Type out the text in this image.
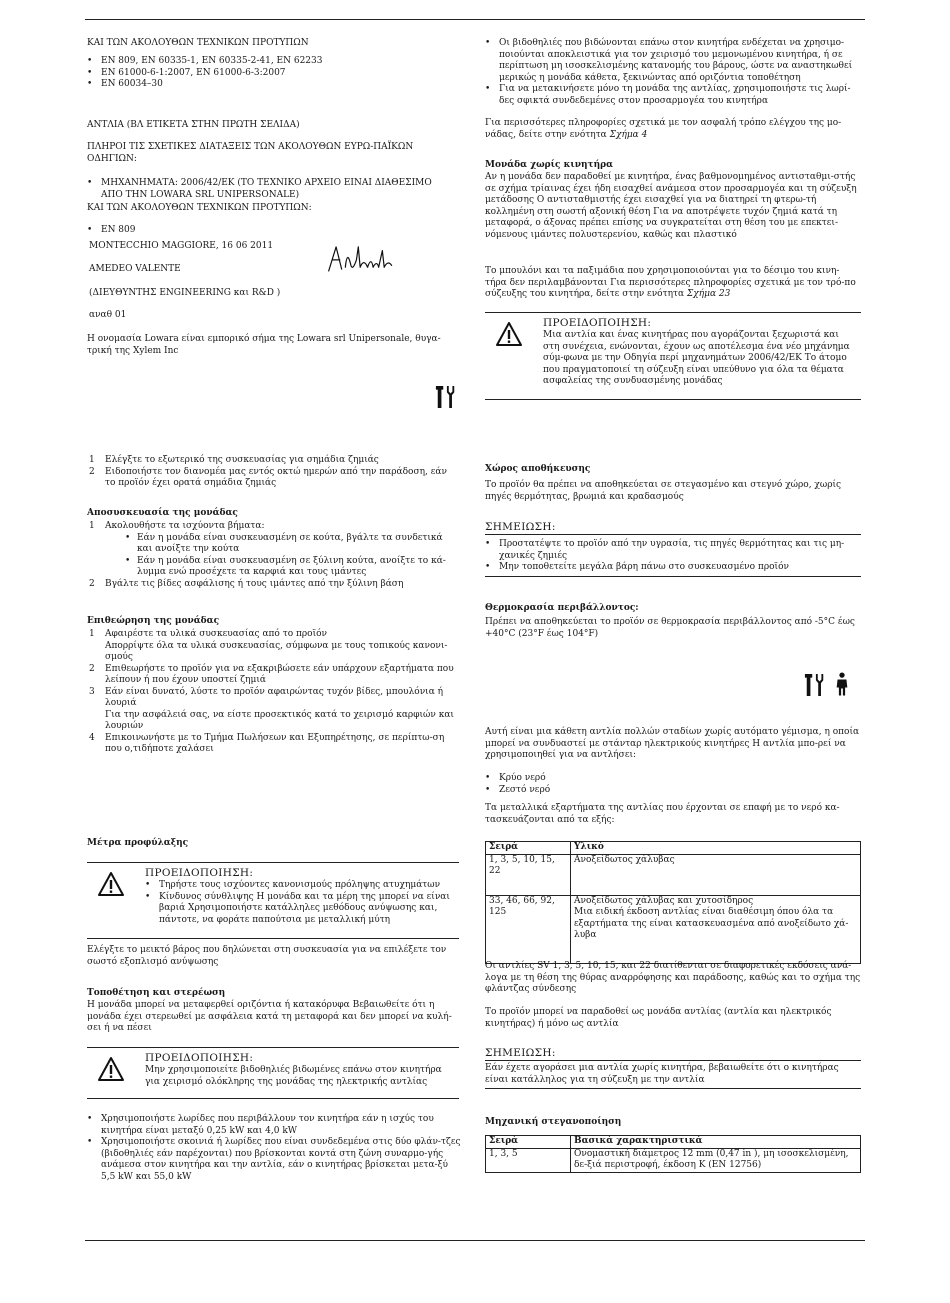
ΚΑΙ ΤΩΝ ΑΚΟΛΟΥΘΩΝ ΤΕΧΝΙΚΩΝ ΠΡΟΤΥΠΩΝ

• EN 809, EN 60335-1, EN 60335-2-41, EN 62233
• EN 61000-6-1:2007, EN 61000-6-3:2007
• EN 60034–30

ΑΝΤΛΙΑ (ΒΛ ΕΤΙΚΕΤΑ ΣΤΗΝ ΠΡΩΤΗ ΣΕΛΙΔΑ)

ΠΛΗΡΟΙ ΤΙΣ ΣΧΕΤΙΚΕΣ ΔΙΑΤΑΞΕΙΣ ΤΩΝ ΑΚΟΛΟΥΘΩΝ ΕΥΡΩ-ΠΑΪΚΩΝ ΟΔΗΓΙΩΝ:

• ΜΗΧΑΝΗΜΑΤΑ: 2006/42/ΕΚ (ΤΟ ΤΕΧΝΙΚΟ ΑΡΧΕΙΟ ΕΙΝΑΙ ΔΙΑΘΕΣΙΜΟ ΑΠΟ THN LOWARA SRL UNIPERSONALE)

ΚΑΙ ΤΩΝ ΑΚΟΛΟΥΘΩΝ ΤΕΧΝΙΚΩΝ ΠΡΟΤΥΠΩΝ:

• EN 809

MONTECCHIO MAGGIORE, 16 06 2011

AMEDEO VALENTE

(ΔΙΕΥΘΥΝΤΗΣ ENGINEERING και R&D )

αναθ 01

Η ονομασία Lowara είναι εμπορικό σήμα της Lowara srl Unipersonale, θυγα-τρική της Xylem Inc

1 Ελέγξτε το εξωτερικό της συσκευασίας για σημάδια ζημιάς
2 Ειδοποιήστε τον διανομέα μας εντός οκτώ ημερών από την παράδοση, εάν το προϊόν έχει ορατά σημάδια ζημιάς

Αποσυσκευασία της μονάδας

1 Ακολουθήστε τα ισχύοντα βήματα:
• Εάν η μονάδα είναι συσκευασμένη σε κούτα, βγάλτε τα συνδετικά και ανοίξτε την κούτα
• Εάν η μονάδα είναι συσκευασμένη σε ξύλινη κούτα, ανοίξτε το κά-λυμμα ενώ προσέχετε τα καρφιά και τους ιμάντες
2 Βγάλτε τις βίδες ασφάλισης ή τους ιμάντες από την ξύλινη βάση

Επιθεώρηση της μονάδας

1 Αφαιρέστε τα υλικά συσκευασίας από το προϊόν
Απορρίψτε όλα τα υλικά συσκευασίας, σύμφωνα με τους τοπικούς κανονι-σμούς
2 Επιθεωρήστε το προϊόν για να εξακριβώσετε εάν υπάρχουν εξαρτήματα που λείπουν ή που έχουν υποστεί ζημιά
3 Εάν είναι δυνατό, λύστε το προϊόν αφαιρώντας τυχόν βίδες, μπουλόνια ή λουριά
Για την ασφάλειά σας, να είστε προσεκτικός κατά το χειρισμό καρφιών και λουριών
4 Επικοινωνήστε με το Τμήμα Πωλήσεων και Εξυπηρέτησης, σε περίπτω-ση που ο,τιδήποτε χαλάσει

Μέτρα προφύλαξης

ΠΡΟΕΙΔΟΠΟΙΗΣΗ:

• Τηρήστε τους ισχύοντες κανονισμούς πρόληψης ατυχημάτων
• Κίνδυνος σύνθλιψης Η μονάδα και τα μέρη της μπορεί να είναι βαριά Χρησιμοποιήστε κατάλληλες μεθόδους ανύψωσης και, πάντοτε, να φοράτε παπούτσια με μεταλλική μύτη

Ελέγξτε το μεικτό βάρος που δηλώνεται στη συσκευασία για να επιλέξετε τον σωστό εξοπλισμό ανύψωσης

Τοποθέτηση και στερέωση

Η μονάδα μπορεί να μεταφερθεί οριζόντια ή κατακόρυφα Βεβαιωθείτε ότι η μονάδα έχει στερεωθεί με ασφάλεια κατά τη μεταφορά και δεν μπορεί να κυλή-σει ή να πέσει

ΠΡΟΕΙΔΟΠΟΙΗΣΗ:

Μην χρησιμοποιείτε βιδοθηλιές βιδωμένες επάνω στον κινητήρα για χειρισμό ολόκληρης της μονάδας της ηλεκτρικής αντλίας

• Χρησιμοποιήστε λωρίδες που περιβάλλουν τον κινητήρα εάν η ισχύς του κινητήρα είναι μεταξύ 0,25 kW και 4,0 kW
• Χρησιμοποιήστε σκοινιά ή λωρίδες που είναι συνδεδεμένα στις δύο φλάν-τζες (βιδοθηλιές εάν παρέχονται) που βρίσκονται κοντά στη ζώνη συναρμο-γής ανάμεσα στον κινητήρα και την αντλία, εάν ο κινητήρας βρίσκεται μετα-ξύ 5,5 kW και 55,0 kW
• Οι βιδοθηλιές που βιδώνονται επάνω στον κινητήρα ενδέχεται να χρησιμο-ποιούνται αποκλειστικά για τον χειρισμό του μεμονωμένου κινητήρα, ή σε περίπτωση μη ισοσκελισμένης κατανομής του βάρους, ώστε να αναστηκωθεί μερικώς η μονάδα κάθετα, ξεκινώντας από οριζόντια τοποθέτηση
• Για να μετακινήσετε μόνο τη μονάδα της αντλίας, χρησιμοποιήστε τις λωρί-δες σφικτά συνδεδεμένες στον προσαρμογέα του κινητήρα

Για περισσότερες πληροφορίες σχετικά με τον ασφαλή τρόπο ελέγχου της μο-νάδας, δείτε στην ενότητα Σχήμα 4

Μονάδα χωρίς κινητήρα

Αν η μονάδα δεν παραδοθεί με κινητήρα, ένας βαθμονομημένος αντισταθμι-στής σε σχήμα τρίαινας έχει ήδη εισαχθεί ανάμεσα στον προσαρμογέα και τη σύζευξη μετάδοσης Ο αντισταθμιστής έχει εισαχθεί για να διατηρεί τη φτερω-τή κολλημένη στη σωστή αξονική θέση Για να αποτρέψετε τυχόν ζημιά κατά τη μεταφορά, ο άξονας πρέπει επίσης να συγκρατείται στη θέση του με επεκτει-νόμενους ιμάντες πολυστερενίου, καθώς και πλαστικό

Το μπουλόνι και τα παξιμάδια που χρησιμοποιούνται για το δέσιμο του κινη-τήρα δεν περιλαμβάνονται Για περισσότερες πληροφορίες σχετικά με τον τρό-πο σύζευξης του κινητήρα, δείτε στην ενότητα Σχήμα 23

ΠΡΟΕΙΔΟΠΟΙΗΣΗ:

Μια αντλία και ένας κινητήρας που αγοράζονται ξεχωριστά και στη συνέχεια, ενώνονται, έχουν ως αποτέλεσμα ένα νέο μηχάνημα σύμ-φωνα με την Οδηγία περί μηχανημάτων 2006/42/ΕΚ Το άτομο που πραγματοποιεί τη σύζευξη είναι υπεύθυνο για όλα τα θέματα ασφαλείας της συνδυασμένης μονάδας

Χώρος αποθήκευσης

Το προϊόν θα πρέπει να αποθηκεύεται σε στεγασμένο και στεγνό χώρο, χωρίς πηγές θερμότητας, βρωμιά και κραδασμούς

ΣΗΜΕΙΩΣΗ:

• Προστατέψτε το προϊόν από την υγρασία, τις πηγές θερμότητας και τις μη-χανικές ζημιές
• Μην τοποθετείτε μεγάλα βάρη πάνω στο συσκευασμένο προϊόν

Θερμοκρασία περιβάλλοντος:

Πρέπει να αποθηκεύεται το προϊόν σε θερμοκρασία περιβάλλοντος από -5°C έως +40°C (23°F έως 104°F)

Αυτή είναι μια κάθετη αντλία πολλών σταδίων χωρίς αυτόματο γέμισμα, η οποία μπορεί να συνδυαστεί με στάνταρ ηλεκτρικούς κινητήρες Η αντλία μπο-ρεί να χρησιμοποιηθεί για να αντλήσει:

• Κρύο νερό
• Ζεστό νερό

Τα μεταλλικά εξαρτήματα της αντλίας που έρχονται σε επαφή με το νερό κα-τασκευάζονται από τα εξής:

Σειρά	Υλικό
1, 3, 5, 10, 15, 22	Ανοξείδωτος χάλυβας
33, 46, 66, 92, 125	Ανοξείδωτος χάλυβας και χυτοσίδηρος
Μια ειδική έκδοση αντλίας είναι διαθέσιμη όπου όλα τα εξαρτήματα της είναι κατασκευασμένα από ανοξείδωτο χά-λυβα

Οι αντλίες SV 1, 3, 5, 10, 15, και 22 διατίθενται σε διαφορετικές εκδόσεις ανά-λογα με τη θέση της θύρας αναρρόφησης και παράδοσης, καθώς και το σχήμα της φλάντζας σύνδεσης

Το προϊόν μπορεί να παραδοθεί ως μονάδα αντλίας (αντλία και ηλεκτρικός κινητήρας) ή μόνο ως αντλία

ΣΗΜΕΙΩΣΗ:

Εάν έχετε αγοράσει μια αντλία χωρίς κινητήρα, βεβαιωθείτε ότι ο κινητήρας είναι κατάλληλος για τη σύζευξη με την αντλία

Μηχανική στεγανοποίηση

Σειρά	Βασικά χαρακτηριστικά
1, 3, 5	Ονομαστική διάμετρος 12 mm (0,47 in ), μη ισοσκελισμένη, δε-ξιά περιστροφή, έκδοση K (EN 12756)
